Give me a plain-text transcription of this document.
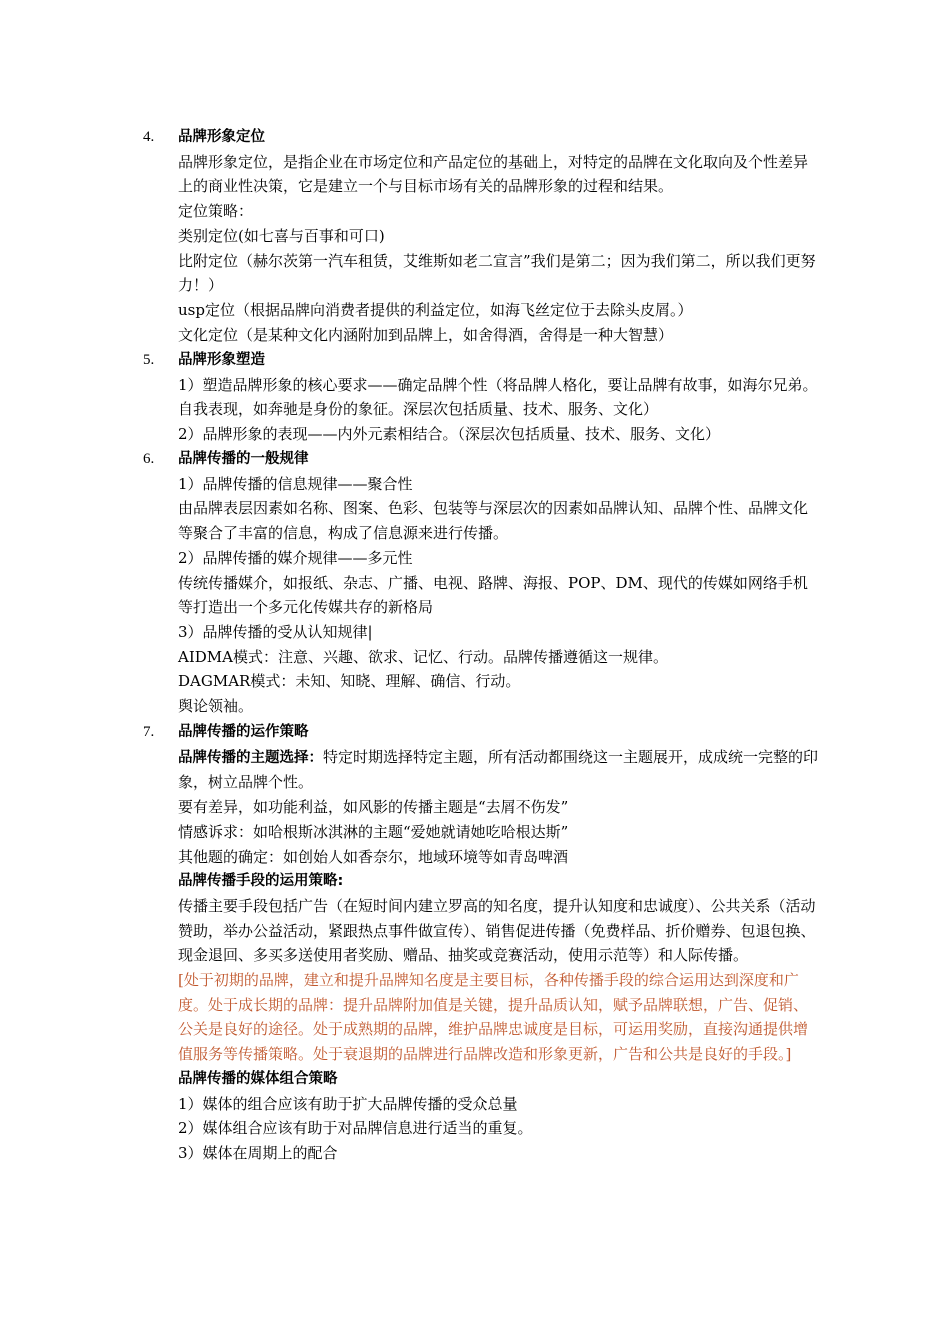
4. 品牌形象定位

品牌形象定位，是指企业在市场定位和产品定位的基础上，对特定的品牌在文化取向及个性差异上的商业性决策，它是建立一个与目标市场有关的品牌形象的过程和结果。

定位策略：

类别定位(如七喜与百事和可口)

比附定位（赫尔茨第一汽车租赁，艾维斯如老二宣言”我们是第二；因为我们第二，所以我们更努力！）

usp定位（根据品牌向消费者提供的利益定位，如海飞丝定位于去除头皮屑。）

文化定位（是某种文化内涵附加到品牌上，如舍得酒，舍得是一种大智慧）

5. 品牌形象塑造

1）塑造品牌形象的核心要求——确定品牌个性（将品牌人格化，要让品牌有故事，如海尔兄弟。自我表现，如奔驰是身份的象征。深层次包括质量、技术、服务、文化）

2）品牌形象的表现——内外元素相结合。（深层次包括质量、技术、服务、文化）

6. 品牌传播的一般规律

1）品牌传播的信息规律——聚合性

由品牌表层因素如名称、图案、色彩、包装等与深层次的因素如品牌认知、品牌个性、品牌文化等聚合了丰富的信息，构成了信息源来进行传播。

2）品牌传播的媒介规律——多元性

传统传播媒介，如报纸、杂志、广播、电视、路牌、海报、POP、DM、现代的传媒如网络手机等打造出一个多元化传媒共存的新格局

3）品牌传播的受从认知规律|

AIDMA模式：注意、兴趣、欲求、记忆、行动。品牌传播遵循这一规律。

DAGMAR模式：未知、知晓、理解、确信、行动。

舆论领袖。

7. 品牌传播的运作策略

品牌传播的主题选择：特定时期选择特定主题，所有活动都围绕这一主题展开，成成统一完整的印象，树立品牌个性。

要有差异，如功能利益，如风影的传播主题是“去屑不伤发”

情感诉求：如哈根斯冰淇淋的主题“爱她就请她吃哈根达斯”

其他题的确定：如创始人如香奈尔，地域环境等如青岛啤酒

品牌传播手段的运用策略:

传播主要手段包括广告（在短时间内建立罗高的知名度，提升认知度和忠诚度）、公共关系（活动赞助，举办公益活动，紧跟热点事件做宣传）、销售促进传播（免费样品、折价赠券、包退包换、现金退回、多买多送使用者奖励、赠品、抽奖或竞赛活动，使用示范等）和人际传播。

[处于初期的品牌，建立和提升品牌知名度是主要目标，各种传播手段的综合运用达到深度和广度。处于成长期的品牌：提升品牌附加值是关键，提升品质认知，赋予品牌联想，广告、促销、公关是良好的途径。处于成熟期的品牌，维护品牌忠诚度是目标，可运用奖励，直接沟通提供增值服务等传播策略。处于衰退期的品牌进行品牌改造和形象更新，广告和公共是良好的手段。]

品牌传播的媒体组合策略

1）媒体的组合应该有助于扩大品牌传播的受众总量

2）媒体组合应该有助于对品牌信息进行适当的重复。

3）媒体在周期上的配合
